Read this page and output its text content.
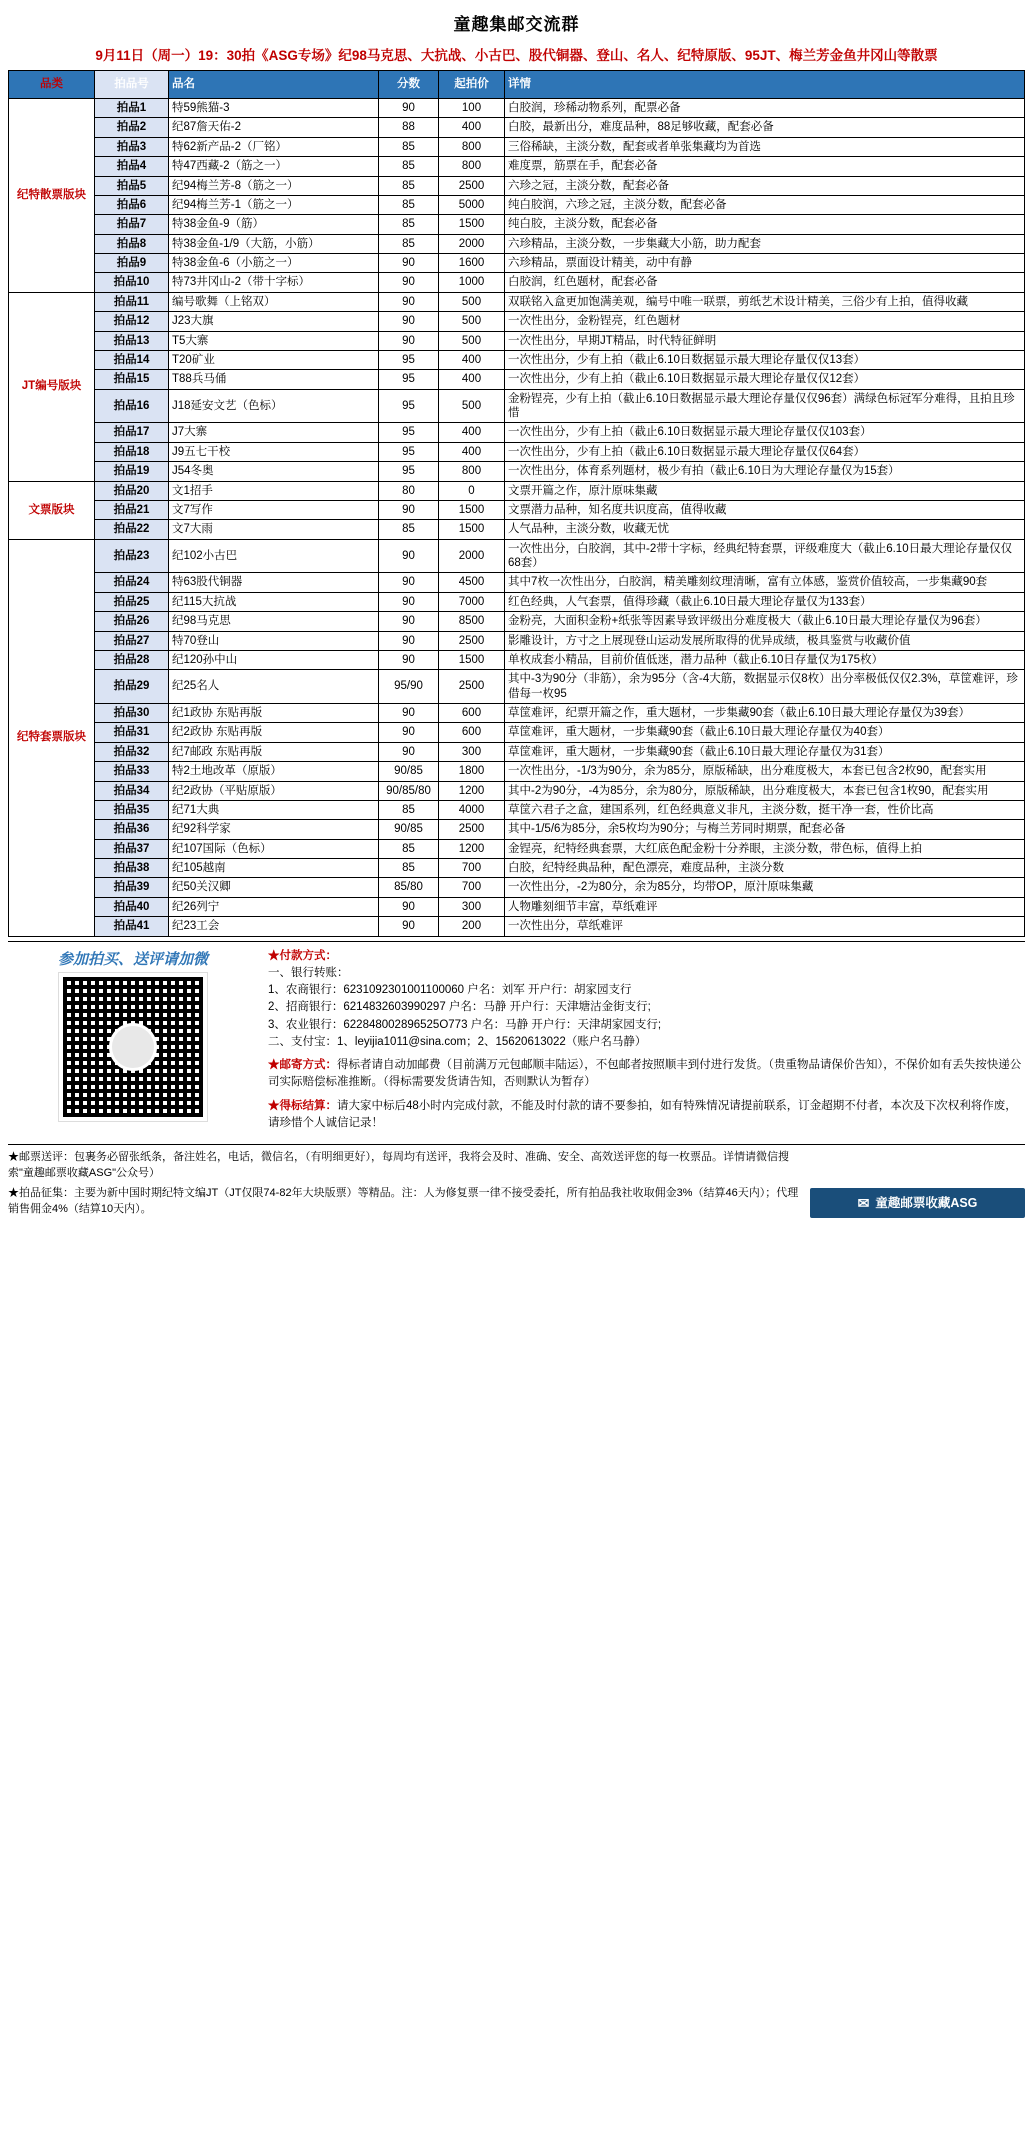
童趣集邮交流群
9月11日（周一）19：30拍《ASG专场》纪98马克思、大抗战、小古巴、股代铜器、登山、名人、纪特原版、95JT、梅兰芳金鱼井冈山等散票
品类	拍品号	品名	分数	起拍价	详情
纪特散票版块	拍品1	特59熊猫-3	90	100	白胶润，珍稀动物系列，配票必备
	拍品2	纪87詹天佑-2	88	400	白胶，最新出分，难度品种，88足够收藏，配套必备
	拍品3	特62新产品-2（厂铭）	85	800	三俗稀缺，主淡分数，配套或者单张集藏均为首选
	拍品4	特47西藏-2（筋之一）	85	800	难度票，筋票在手，配套必备
	拍品5	纪94梅兰芳-8（筋之一）	85	2500	六珍之冠，主淡分数，配套必备
	拍品6	纪94梅兰芳-1（筋之一）	85	5000	纯白胶润，六珍之冠，主淡分数，配套必备
	拍品7	特38金鱼-9（筋）	85	1500	纯白胶，主淡分数，配套必备
	拍品8	特38金鱼-1/9（大筋，小筋）	85	2000	六珍精品，主淡分数，一步集藏大小筋，助力配套
	拍品9	特38金鱼-6（小筋之一）	90	1600	六珍精品，票面设计精美，动中有静
	拍品10	特73井冈山-2（带十字标）	90	1000	白胶润，红色题材，配套必备
JT编号版块	拍品11	编号歌舞（上铭双）	90	500	双联铭入盒更加饱满美观，编号中唯一联票，剪纸艺术设计精美，三俗少有上拍，值得收藏
	拍品12	J23大旗	90	500	一次性出分，金粉锃亮，红色题材
	拍品13	T5大寨	90	500	一次性出分，早期JT精品，时代特征鲜明
	拍品14	T20矿业	95	400	一次性出分，少有上拍（截止6.10日数据显示最大理论存量仅仅13套）
	拍品15	T88兵马俑	95	400	一次性出分，少有上拍（截止6.10日数据显示最大理论存量仅仅12套）
	拍品16	J18延安文艺（色标）	95	500	金粉锃亮，少有上拍（截止6.10日数据显示最大理论存量仅仅96套）满绿色标冠军分难得，且拍且珍惜
	拍品17	J7大寨	95	400	一次性出分，少有上拍（截止6.10日数据显示最大理论存量仅仅103套）
	拍品18	J9五七干校	95	400	一次性出分，少有上拍（截止6.10日数据显示最大理论存量仅仅64套）
	拍品19	J54冬奥	95	800	一次性出分，体育系列题材，极少有拍（截止6.10日为大理论存量仅为15套）
文票版块	拍品20	文1招手	80	0	文票开篇之作，原汁原味集藏
	拍品21	文7写作	90	1500	文票潜力品种，知名度共识度高，值得收藏
	拍品22	文7大雨	85	1500	人气品种，主淡分数，收藏无忧
纪特套票版块	拍品23	纪102小古巴	90	2000	一次性出分，白胶润，其中-2带十字标，经典纪特套票，评级难度大（截止6.10日最大理论存量仅仅68套）
	拍品24	特63股代铜器	90	4500	其中7枚一次性出分，白胶润，精美雕刻纹理清晰，富有立体感，鉴赏价值较高，一步集藏90套
	拍品25	纪115大抗战	90	7000	红色经典，人气套票，值得珍藏（截止6.10日最大理论存量仅为133套）
	拍品26	纪98马克思	90	8500	金粉亮，大面积金粉+纸张等因素导致评级出分难度极大（截止6.10日最大理论存量仅为96套）
	拍品27	特70登山	90	2500	影雕设计，方寸之上展现登山运动发展所取得的优异成绩，极具鉴赏与收藏价值
	拍品28	纪120孙中山	90	1500	单枚成套小精品，目前价值低迷，潜力品种（截止6.10日存量仅为175枚）
	拍品29	纪25名人	95/90	2500	其中-3为90分（非筋），余为95分（含-4大筋，数据显示仅8枚）出分率极低仅仅2.3%，草筐难评，珍借每一枚95
	拍品30	纪1政协 东贴再版	90	600	草筐难评，纪票开篇之作，重大题材，一步集藏90套（截止6.10日最大理论存量仅为39套）
	拍品31	纪2政协 东贴再版	90	600	草筐难评，重大题材，一步集藏90套（截止6.10日最大理论存量仅为40套）
	拍品32	纪7邮政 东贴再版	90	300	草筐难评，重大题材，一步集藏90套（截止6.10日最大理论存量仅为31套）
	拍品33	特2土地改革（原版）	90/85	1800	一次性出分，-1/3为90分，余为85分，原版稀缺，出分难度极大，本套已包含2枚90，配套实用
	拍品34	纪2政协（平贴原版）	90/85/80	1200	其中-2为90分，-4为85分，余为80分，原版稀缺，出分难度极大，本套已包含1枚90，配套实用
	拍品35	纪71大典	85	4000	草筐六君子之盒，建国系列，红色经典意义非凡，主淡分数，挺干净一套，性价比高
	拍品36	纪92科学家	90/85	2500	其中-1/5/6为85分，余5枚均为90分；与梅兰芳同时期票，配套必备
	拍品37	纪107国际（色标）	85	1200	金锃亮，纪特经典套票，大红底色配金粉十分养眼，主淡分数，带色标，值得上拍
	拍品38	纪105越南	85	700	白胶，纪特经典品种，配色漂亮，难度品种，主淡分数
	拍品39	纪50关汉卿	85/80	700	一次性出分，-2为80分，余为85分，均带OP，原汁原味集藏
	拍品40	纪26列宁	90	300	人物雕刻细节丰富，草纸难评
	拍品41	纪23工会	90	200	一次性出分，草纸难评
参加拍买、送评请加微	★付款方式：

一、银行转账：

1、农商银行：6231092301001100060 户名：刘军 开户行：胡家园支行

2、招商银行：6214832603990297 户名：马静 开户行：天津塘沽金街支行;

3、农业银行：622848002896525O773 户名：马静 开户行：天津胡家园支行;

二、支付宝：1、leyijia1011@sina.com；2、15620613022（账户名马静）

★邮寄方式：得标者请自动加邮费（目前满万元包邮顺丰陆运），不包邮者按照顺丰到付进行发货。（贵重物品请保价告知），不保价如有丢失按快递公司实际赔偿标准推断。（得标需要发货请告知，否则默认为暂存）

★得标结算：请大家中标后48小时内完成付款，不能及时付款的请不要参拍，如有特殊情况请提前联系，订金超期不付者，本次及下次权利将作废，请珍惜个人诚信记录！

★邮票送评：包裹务必留张纸条，备注姓名，电话，微信名，（有明细更好），每周均有送评，我将会及时、准确、安全、高效送评您的每一枚票品。详情请微信搜索"童趣邮票收藏ASG"公众号）

★拍品征集：主要为新中国时期纪特文编JT（JT仅限74-82年大块版票）等精品。注：人为修复票一律不接受委托，所有拍品我社收取佣金3%（结算46天内）；代理销售佣金4%（结算10天内）。	✉ 童趣邮票收藏ASG
